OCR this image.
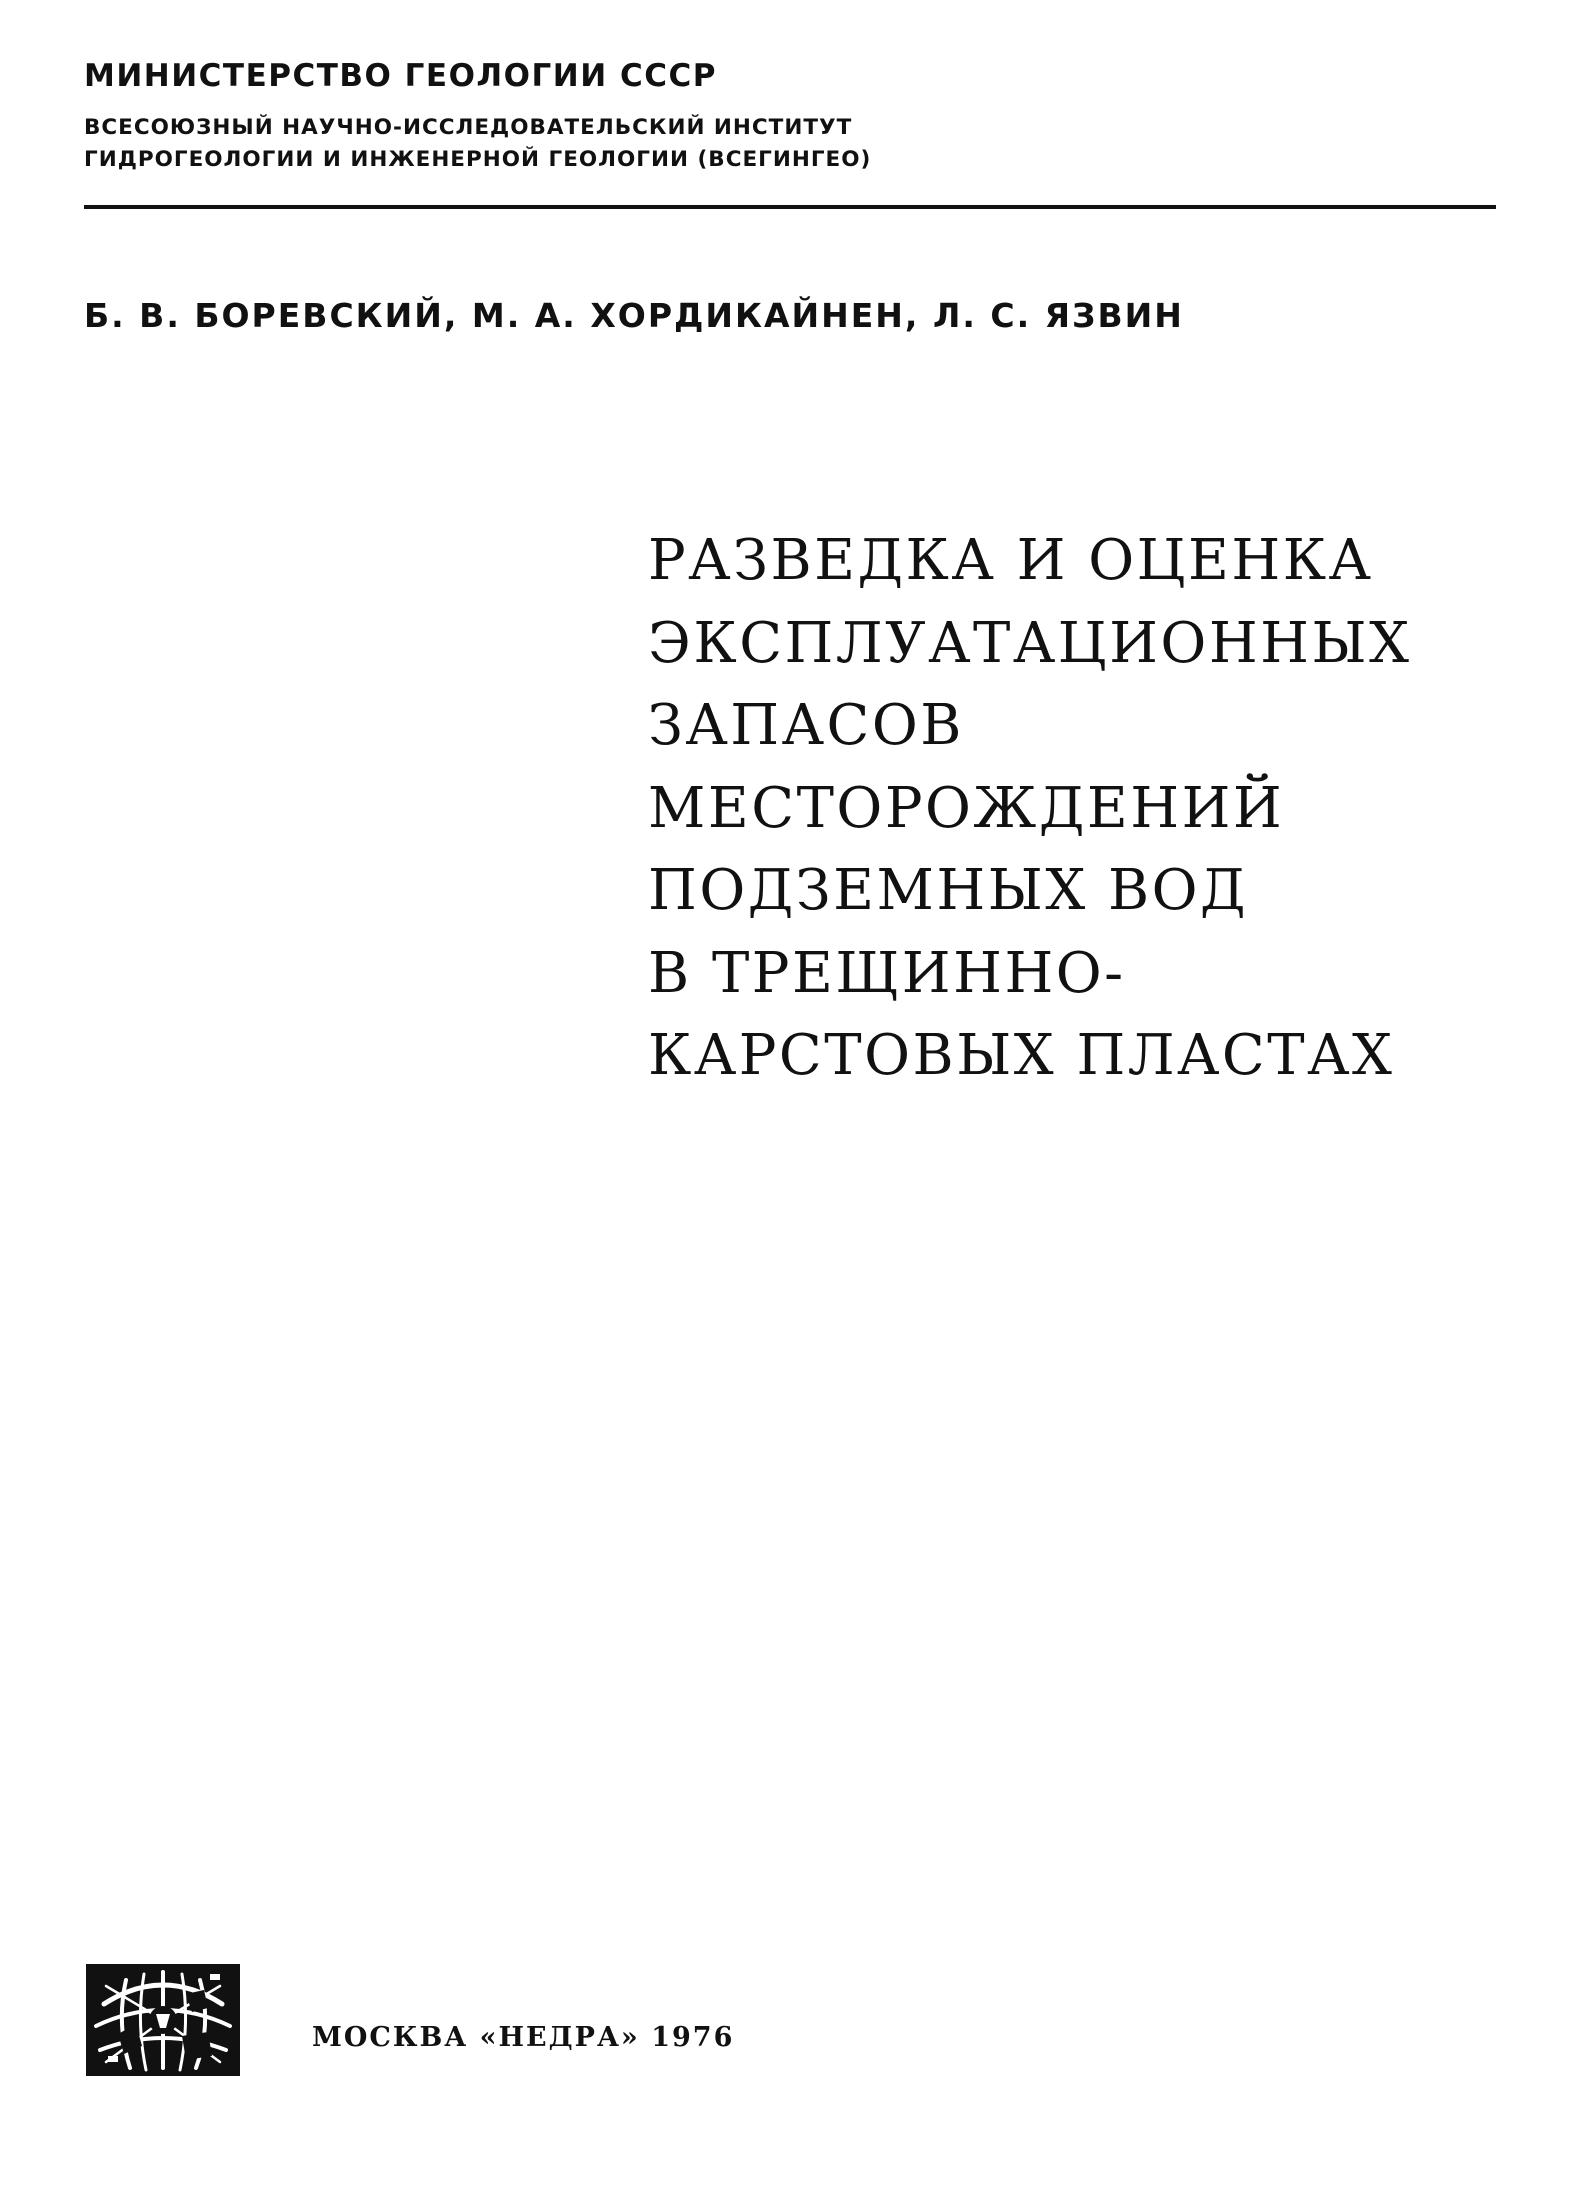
МИНИСТЕРСТВО ГЕОЛОГИИ СССР
ВСЕСОЮЗНЫЙ НАУЧНО-ИССЛЕДОВАТЕЛЬСКИЙ ИНСТИТУТ
ГИДРОГЕОЛОГИИ И ИНЖЕНЕРНОЙ ГЕОЛОГИИ (ВСЕГИНГЕО)
Б. В. БОРЕВСКИЙ, М. А. ХОРДИКАЙНЕН, Л. С. ЯЗВИН
РАЗВЕДКА И ОЦЕНКА
ЭКСПЛУАТАЦИОННЫХ
ЗАПАСОВ
МЕСТОРОЖДЕНИЙ
ПОДЗЕМНЫХ ВОД
В ТРЕЩИННО-
КАРСТОВЫХ ПЛАСТАХ
МОСКВА «НЕДРА» 1976
